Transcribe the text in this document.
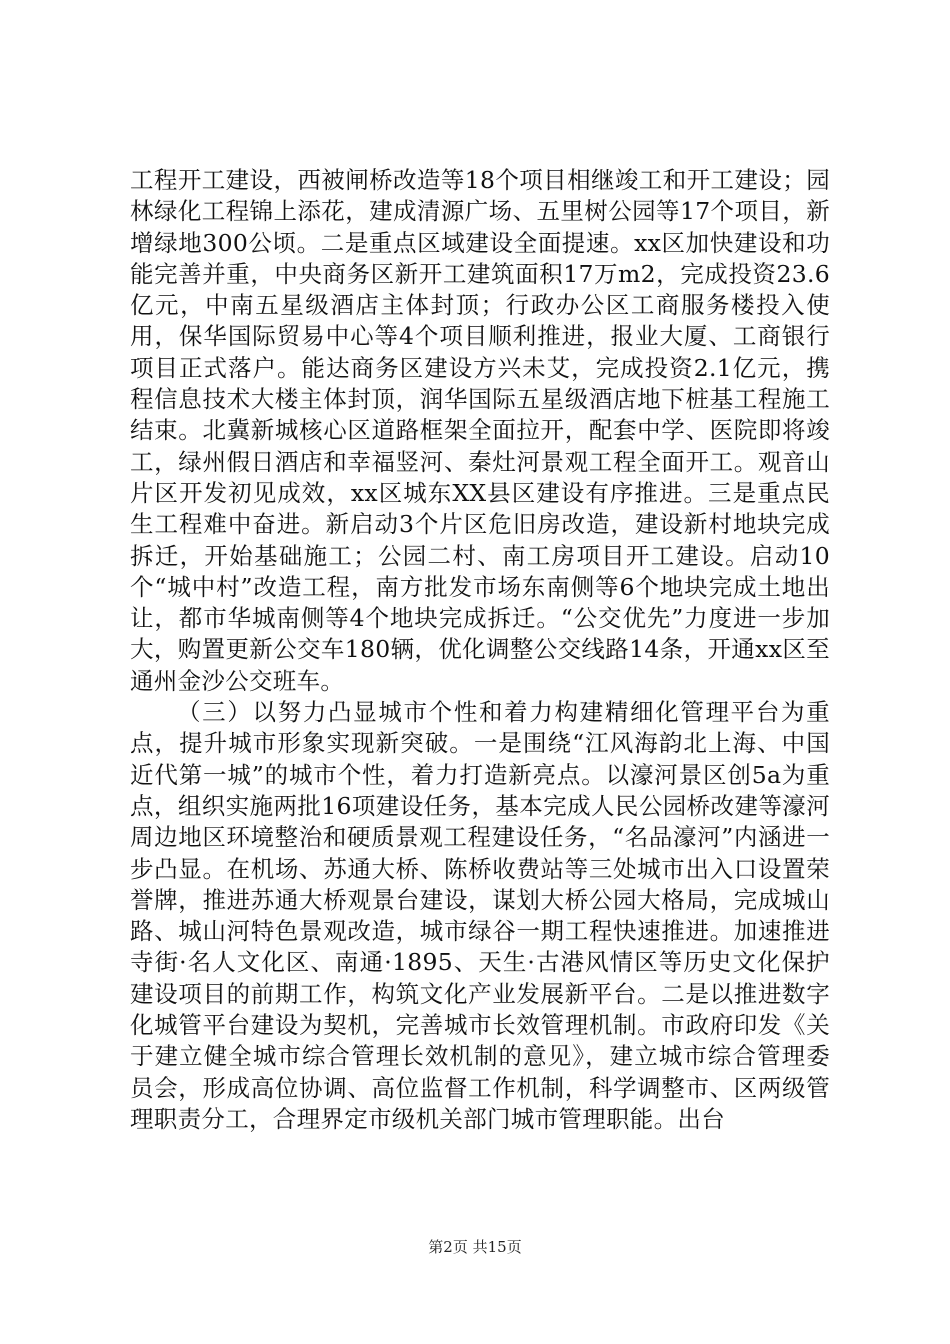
工程开工建设，西被闸桥改造等18个项目相继竣工和开工建设；园林绿化工程锦上添花，建成清源广场、五里树公园等17个项目，新增绿地300公顷。二是重点区域建设全面提速。xx区加快建设和功能完善并重，中央商务区新开工建筑面积17万m2，完成投资23.6亿元，中南五星级酒店主体封顶；行政办公区工商服务楼投入使用，保华国际贸易中心等4个项目顺利推进，报业大厦、工商银行项目正式落户。能达商务区建设方兴未艾，完成投资2.1亿元，携程信息技术大楼主体封顶，润华国际五星级酒店地下桩基工程施工结束。北冀新城核心区道路框架全面拉开，配套中学、医院即将竣工，绿州假日酒店和幸福竖河、秦灶河景观工程全面开工。观音山片区开发初见成效，xx区城东XX县区建设有序推进。三是重点民生工程难中奋进。新启动3个片区危旧房改造，建设新村地块完成拆迁，开始基础施工；公园二村、南工房项目开工建设。启动10个“城中村”改造工程，南方批发市场东南侧等6个地块完成土地出让，都市华城南侧等4个地块完成拆迁。“公交优先”力度进一步加大，购置更新公交车180辆，优化调整公交线路14条，开通xx区至通州金沙公交班车。

（三）以努力凸显城市个性和着力构建精细化管理平台为重点，提升城市形象实现新突破。一是围绕“江风海韵北上海、中国近代第一城”的城市个性，着力打造新亮点。以濠河景区创5a为重点，组织实施两批16项建设任务，基本完成人民公园桥改建等濠河周边地区环境整治和硬质景观工程建设任务，“名品濠河”内涵进一步凸显。在机场、苏通大桥、陈桥收费站等三处城市出入口设置荣誉牌，推进苏通大桥观景台建设，谋划大桥公园大格局，完成城山路、城山河特色景观改造，城市绿谷一期工程快速推进。加速推进寺街·名人文化区、南通·1895、天生·古港风情区等历史文化保护建设项目的前期工作，构筑文化产业发展新平台。二是以推进数字化城管平台建设为契机，完善城市长效管理机制。市政府印发《关于建立健全城市综合管理长效机制的意见》，建立城市综合管理委员会，形成高位协调、高位监督工作机制，科学调整市、区两级管理职责分工，合理界定市级机关部门城市管理职能。出台

第2页 共15页
